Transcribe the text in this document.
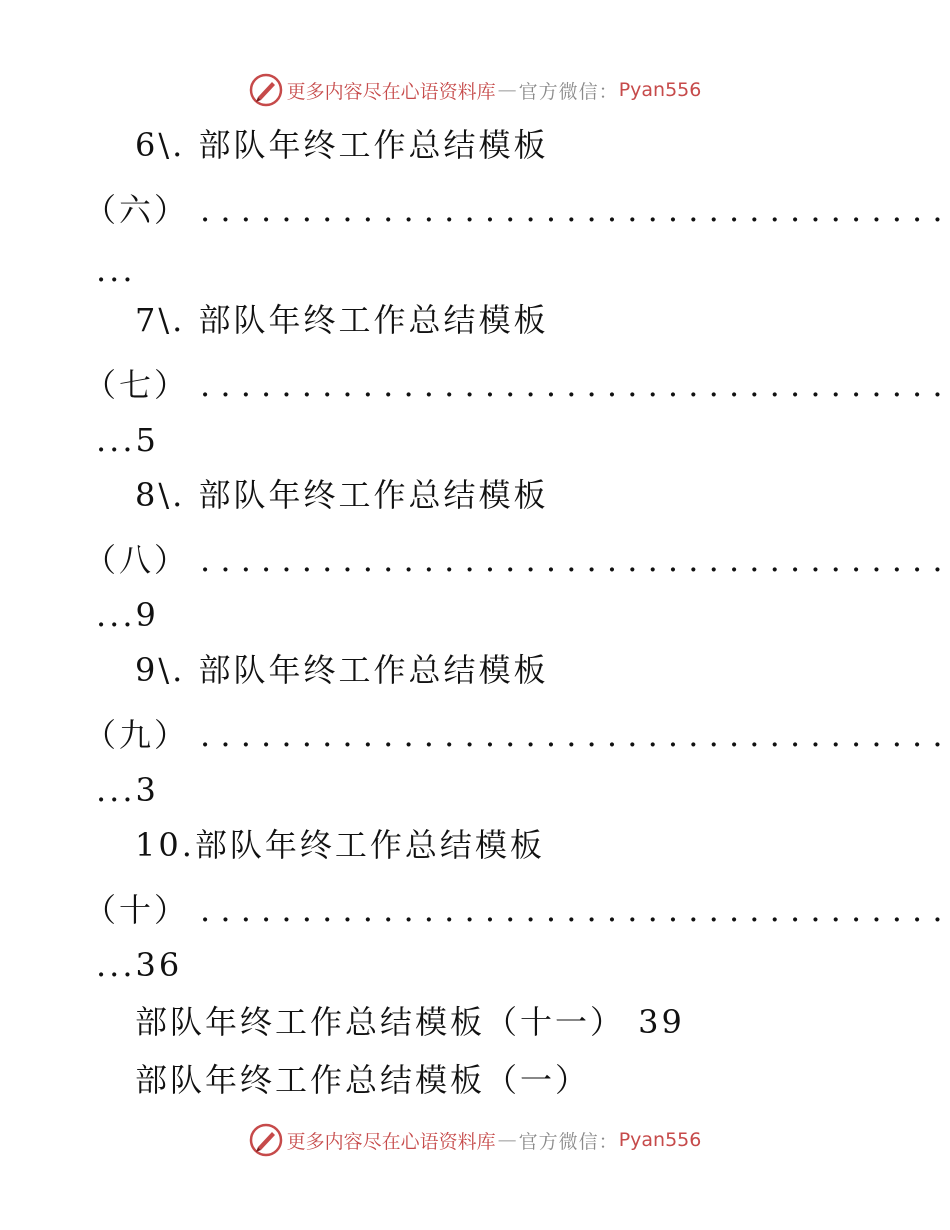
更多内容尽在心语资料库 — 官方微信： Pyan556
6\. 部队年终工作总结模板
（六）
. . .
...
7\. 部队年终工作总结模板
（七）
. . .
...5
8\. 部队年终工作总结模板
（八）
. . .
...9
9\. 部队年终工作总结模板
（九）
. . .
...3
10.部队年终工作总结模板
（十）
. . .
...36
部队年终工作总结模板（十一） 39
部队年终工作总结模板（一）
更多内容尽在心语资料库 — 官方微信： Pyan556
